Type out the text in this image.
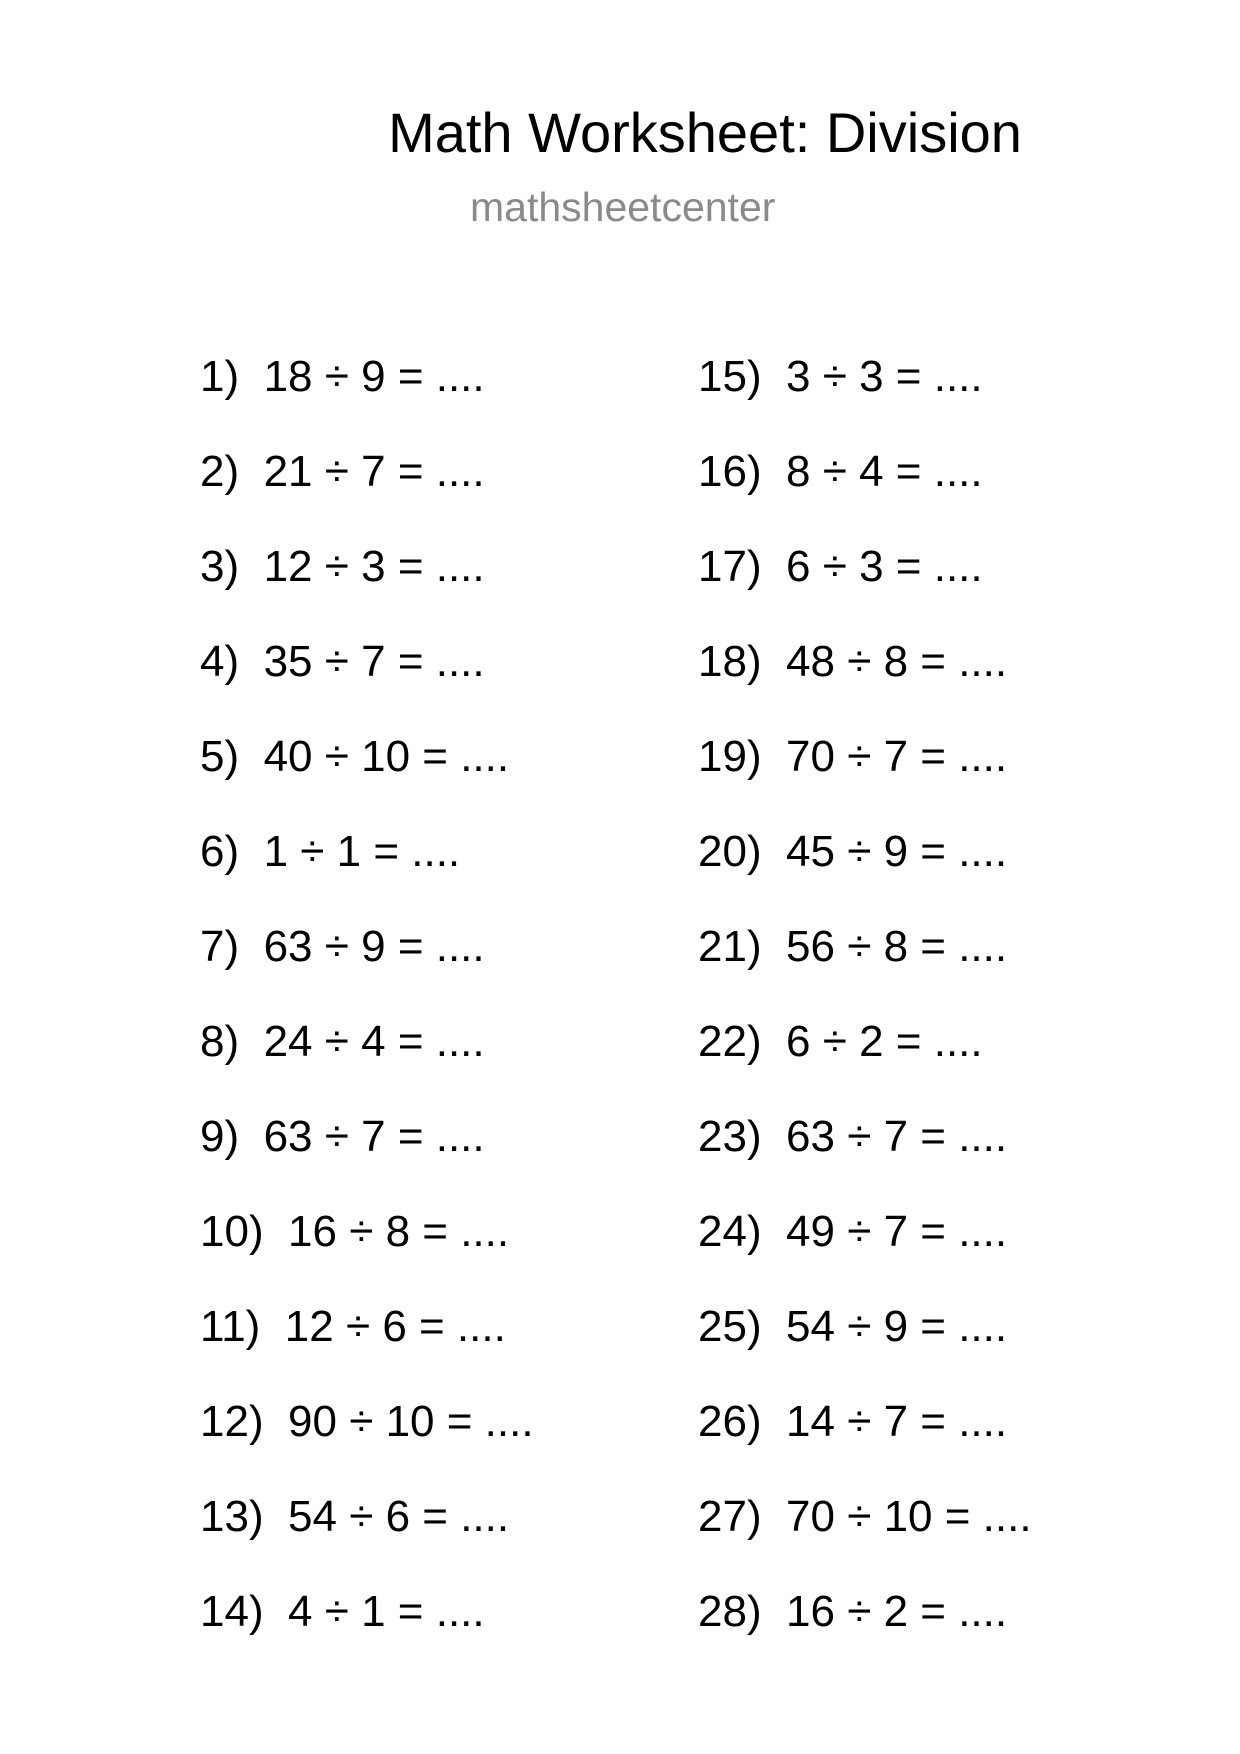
Math Worksheet: Division
mathsheetcenter
1) 18 ÷ 9 = ....
2) 21 ÷ 7 = ....
3) 12 ÷ 3 = ....
4) 35 ÷ 7 = ....
5) 40 ÷ 10 = ....
6) 1 ÷ 1 = ....
7) 63 ÷ 9 = ....
8) 24 ÷ 4 = ....
9) 63 ÷ 7 = ....
10) 16 ÷ 8 = ....
11) 12 ÷ 6 = ....
12) 90 ÷ 10 = ....
13) 54 ÷ 6 = ....
14) 4 ÷ 1 = ....
15) 3 ÷ 3 = ....
16) 8 ÷ 4 = ....
17) 6 ÷ 3 = ....
18) 48 ÷ 8 = ....
19) 70 ÷ 7 = ....
20) 45 ÷ 9 = ....
21) 56 ÷ 8 = ....
22) 6 ÷ 2 = ....
23) 63 ÷ 7 = ....
24) 49 ÷ 7 = ....
25) 54 ÷ 9 = ....
26) 14 ÷ 7 = ....
27) 70 ÷ 10 = ....
28) 16 ÷ 2 = ....
